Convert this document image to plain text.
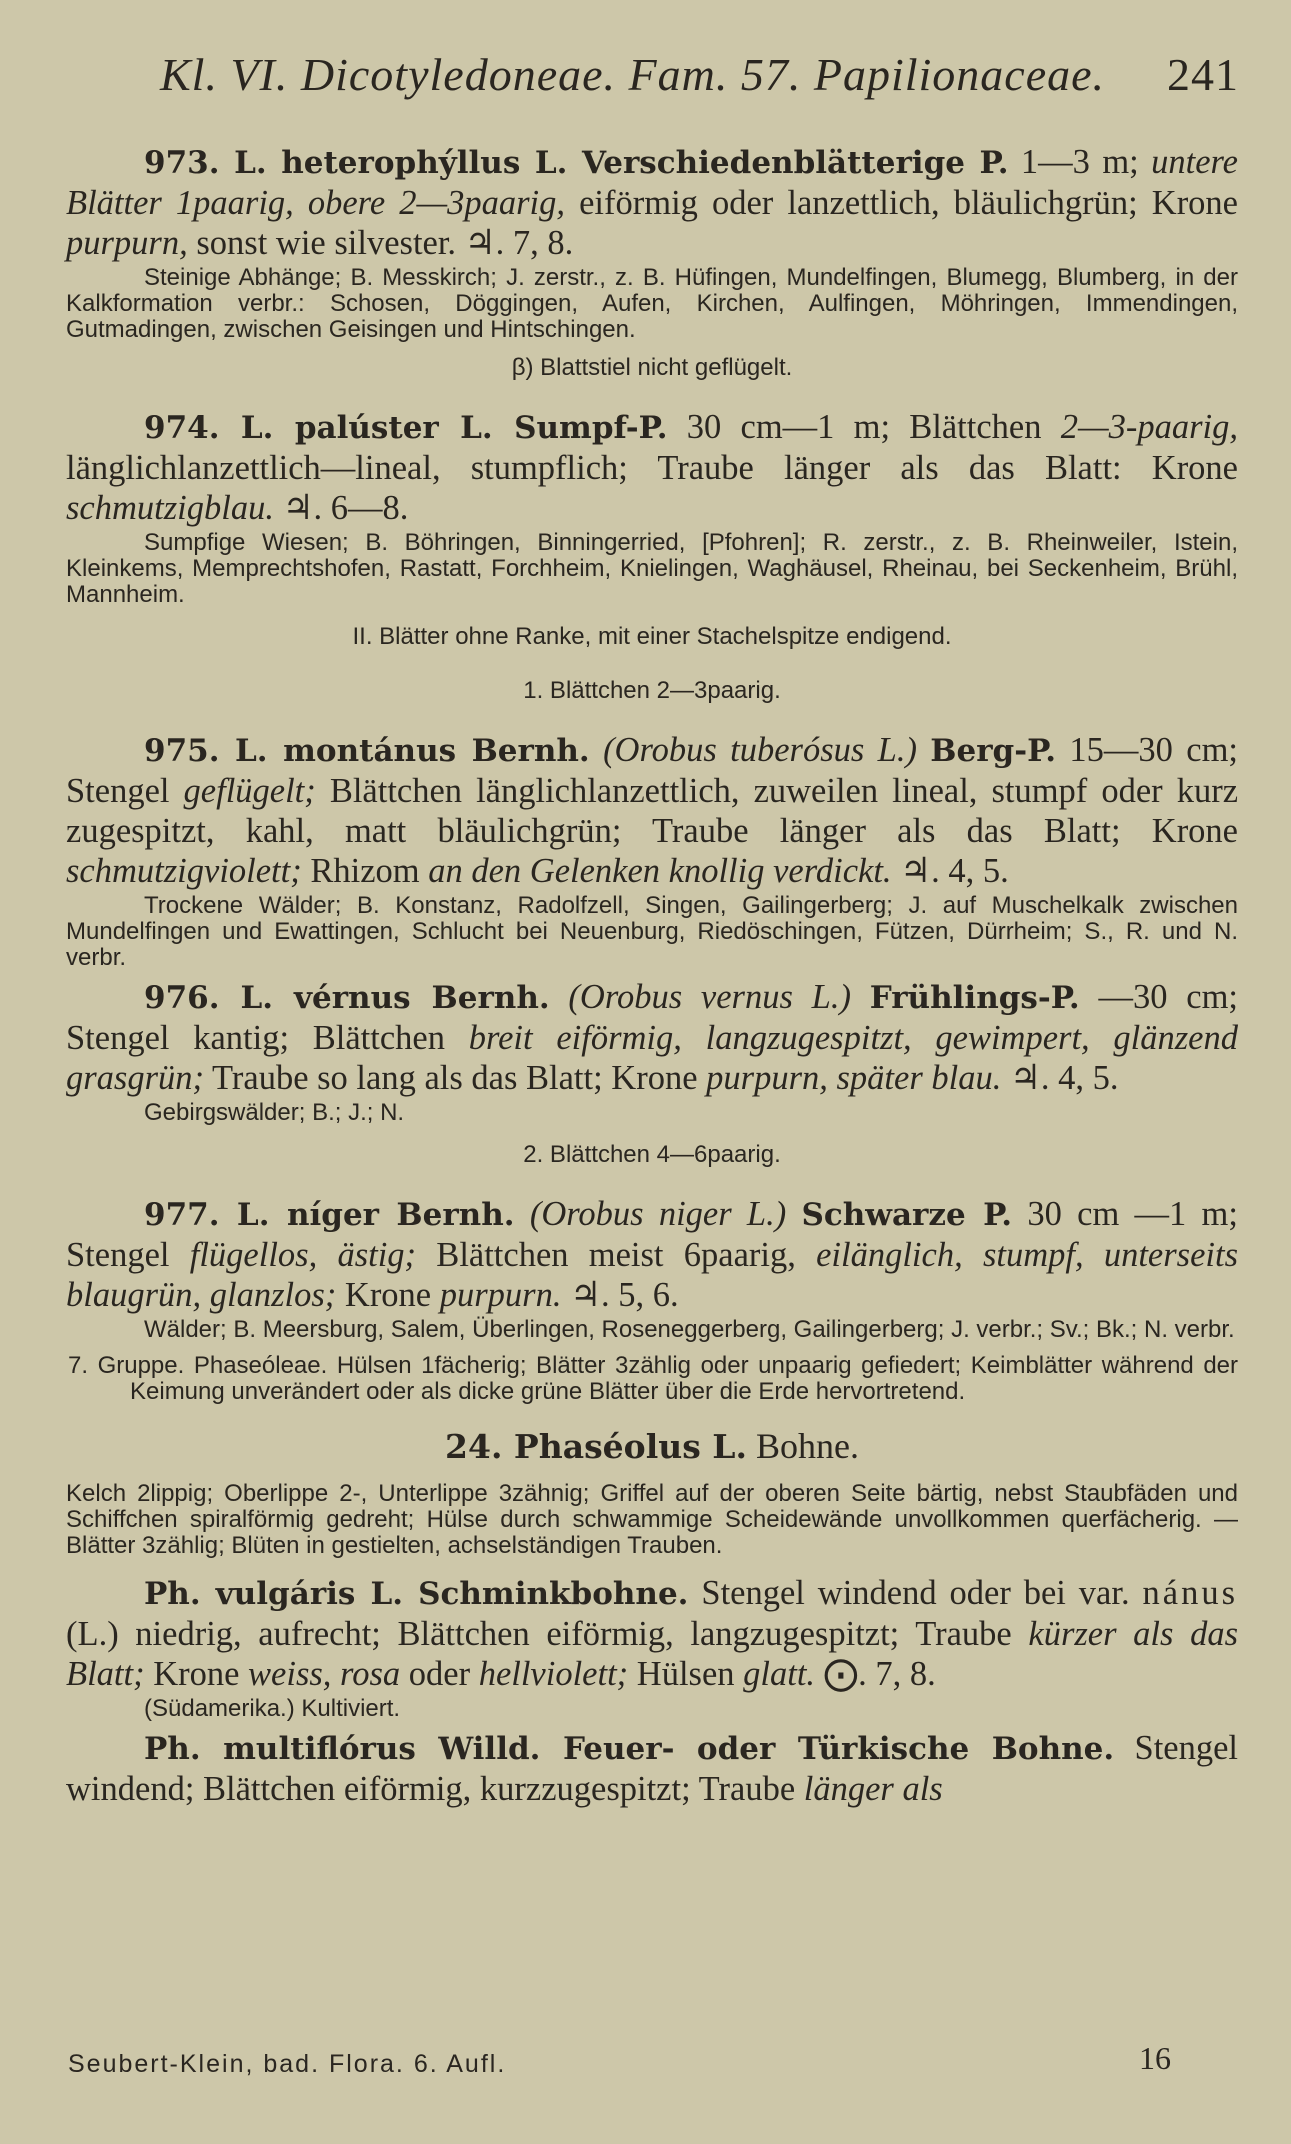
Kl. VI. Dicotyledoneae. Fam. 57. Papilionaceae. 241

973. L. heterophýllus L. Verschiedenblätterige P. 1—3 m; untere Blätter 1paarig, obere 2—3paarig, eiförmig oder lanzettlich, bläulichgrün; Krone purpurn, sonst wie silvester. ♃. 7, 8.

Steinige Abhänge; B. Messkirch; J. zerstr., z. B. Hüfingen, Mundelfingen, Blumegg, Blumberg, in der Kalkformation verbr.: Schosen, Döggingen, Aufen, Kirchen, Aulfingen, Möhringen, Immendingen, Gutmadingen, zwischen Geisingen und Hintschingen.

β) Blattstiel nicht geflügelt.

974. L. palúster L. Sumpf-P. 30 cm—1 m; Blättchen 2—3-paarig, länglichlanzettlich—lineal, stumpflich; Traube länger als das Blatt: Krone schmutzigblau. ♃. 6—8.

Sumpfige Wiesen; B. Böhringen, Binningerried, [Pfohren]; R. zerstr., z. B. Rheinweiler, Istein, Kleinkems, Memprechtshofen, Rastatt, Forchheim, Knielingen, Waghäusel, Rheinau, bei Seckenheim, Brühl, Mannheim.

II. Blätter ohne Ranke, mit einer Stachelspitze endigend.

1. Blättchen 2—3paarig.

975. L. montánus Bernh. (Orobus tuberósus L.) Berg-P. 15—30 cm; Stengel geflügelt; Blättchen länglichlanzettlich, zuweilen lineal, stumpf oder kurz zugespitzt, kahl, matt bläulichgrün; Traube länger als das Blatt; Krone schmutzigviolett; Rhizom an den Gelenken knollig verdickt. ♃. 4, 5.

Trockene Wälder; B. Konstanz, Radolfzell, Singen, Gailingerberg; J. auf Muschelkalk zwischen Mundelfingen und Ewattingen, Schlucht bei Neuenburg, Riedöschingen, Fützen, Dürrheim; S., R. und N. verbr.

976. L. vérnus Bernh. (Orobus vernus L.) Frühlings-P. —30 cm; Stengel kantig; Blättchen breit eiförmig, langzugespitzt, gewimpert, glänzend grasgrün; Traube so lang als das Blatt; Krone purpurn, später blau. ♃. 4, 5.

Gebirgswälder; B.; J.; N.

2. Blättchen 4—6paarig.

977. L. níger Bernh. (Orobus niger L.) Schwarze P. 30 cm —1 m; Stengel flügellos, ästig; Blättchen meist 6paarig, eilänglich, stumpf, unterseits blaugrün, glanzlos; Krone purpurn. ♃. 5, 6.

Wälder; B. Meersburg, Salem, Überlingen, Roseneggerberg, Gailingerberg; J. verbr.; Sv.; Bk.; N. verbr.

7. Gruppe. Phaseóleae. Hülsen 1fächerig; Blätter 3zählig oder unpaarig gefiedert; Keimblätter während der Keimung unverändert oder als dicke grüne Blätter über die Erde hervortretend.

24. Phaséolus L. Bohne.

Kelch 2lippig; Oberlippe 2-, Unterlippe 3zähnig; Griffel auf der oberen Seite bärtig, nebst Staubfäden und Schiffchen spiralförmig gedreht; Hülse durch schwammige Scheidewände unvollkommen querfächerig. — Blätter 3zählig; Blüten in gestielten, achselständigen Trauben.

Ph. vulgáris L. Schminkbohne. Stengel windend oder bei var. nánus (L.) niedrig, aufrecht; Blättchen eiförmig, langzugespitzt; Traube kürzer als das Blatt; Krone weiss, rosa oder hellviolett; Hülsen glatt. ⨀. 7, 8.

(Südamerika.) Kultiviert.

Ph. multiflórus Willd. Feuer- oder Türkische Bohne. Stengel windend; Blättchen eiförmig, kurzzugespitzt; Traube länger als

Seubert-Klein, bad. Flora. 6. Aufl.	16
